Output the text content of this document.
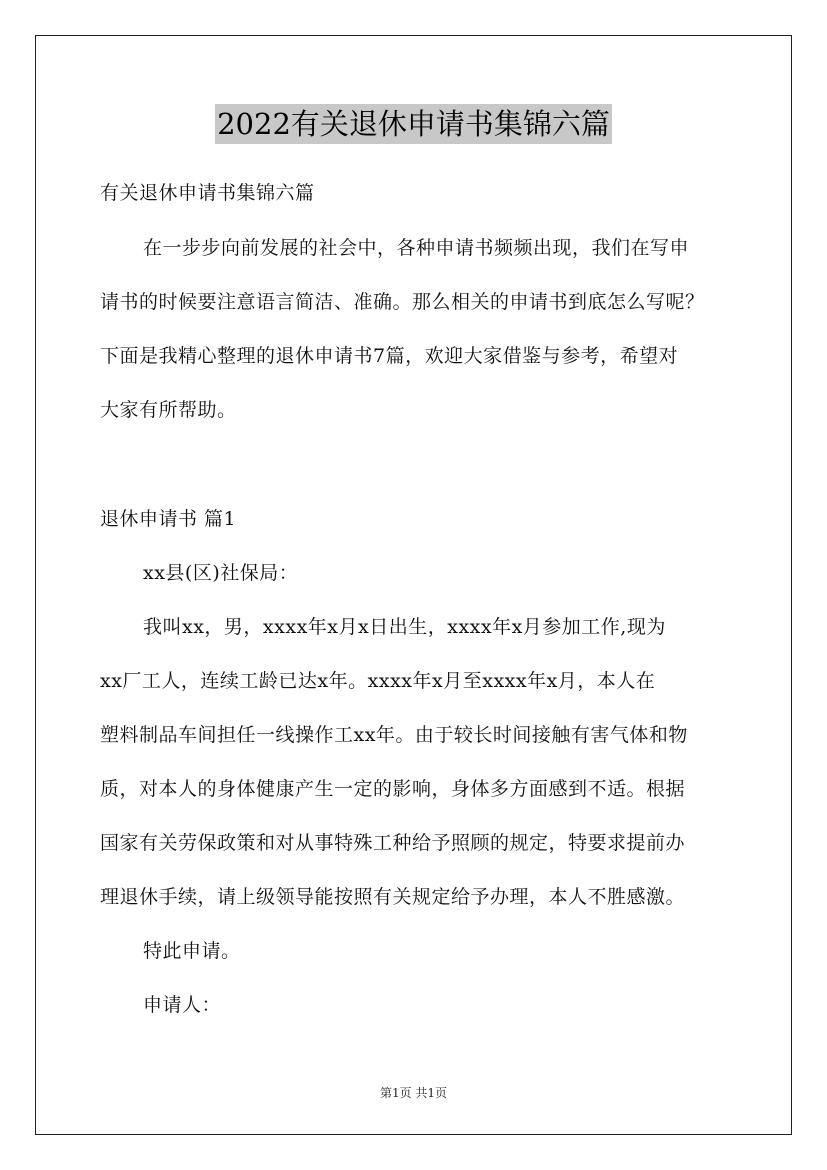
2022有关退休申请书集锦六篇
有关退休申请书集锦六篇
在一步步向前发展的社会中，各种申请书频频出现，我们在写申
请书的时候要注意语言简洁、准确。那么相关的申请书到底怎么写呢？
下面是我精心整理的退休申请书7篇，欢迎大家借鉴与参考，希望对
大家有所帮助。
退休申请书 篇1
xx县(区)社保局：
我叫xx，男，xxxx年x月x日出生，xxxx年x月参加工作,现为
xx厂工人，连续工龄已达x年。xxxx年x月至xxxx年x月，本人在
塑料制品车间担任一线操作工xx年。由于较长时间接触有害气体和物
质，对本人的身体健康产生一定的影响，身体多方面感到不适。根据
国家有关劳保政策和对从事特殊工种给予照顾的规定，特要求提前办
理退休手续，请上级领导能按照有关规定给予办理，本人不胜感激。
特此申请。
申请人：
第1页 共1页
